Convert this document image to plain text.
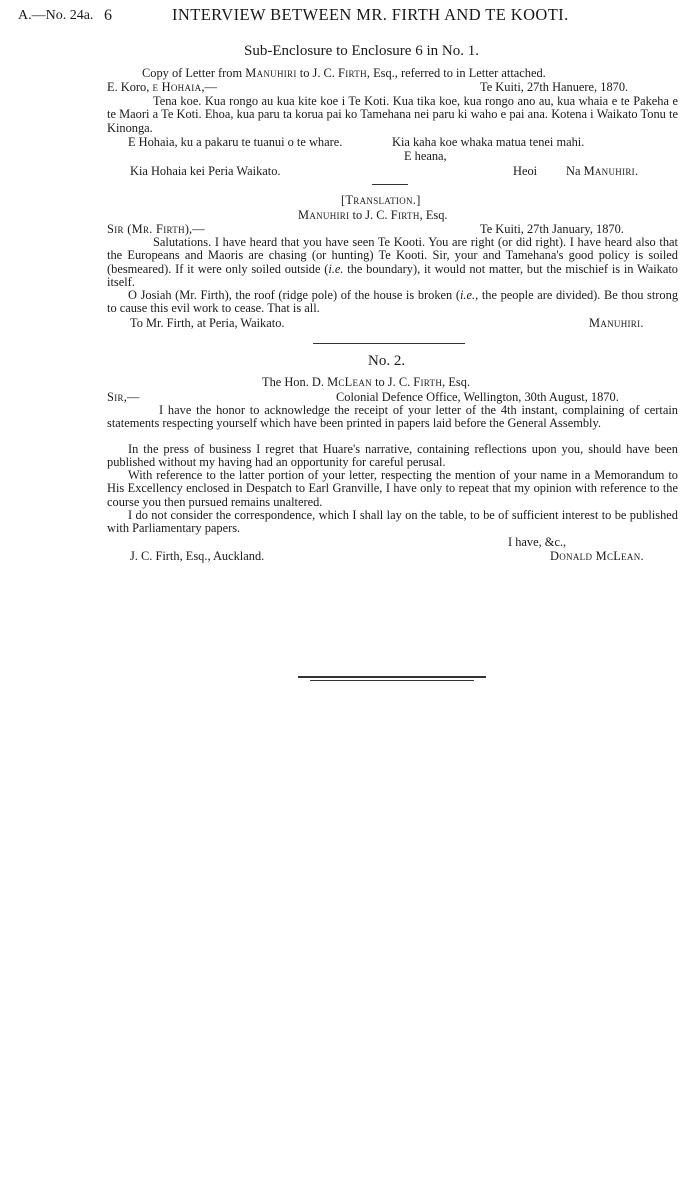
A.—No. 24a. 6	INTERVIEW BETWEEN MR. FIRTH AND TE KOOTI.
Sub-Enclosure to Enclosure 6 in No. 1.
Copy of Letter from Manuhiri to J. C. Firth, Esq., referred to in Letter attached.
E. Koro, e Hohaia,—	Te Kuiti, 27th Hanuere, 1870.
Tena koe. Kua rongo au kua kite koe i Te Koti. Kua tika koe, kua rongo ano au, kua whaia e te Pakeha e te Maori a Te Koti. Ehoa, kua paru ta korua pai ko Tamehana nei paru ki waho e pai ana. Kotena i Waikato Tonu te Kinonga.
E Hohaia, ku a pakaru te tuanui o te whare.	Kia kaha koe whaka matua tenei mahi.
E heana,
Kia Hohaia kei Peria Waikato.	Heoi Na Manuhiri.
[Translation.]
Manuhiri to J. C. Firth, Esq.
Sir (Mr. Firth),—	Te Kuiti, 27th January, 1870.
Salutations. I have heard that you have seen Te Kooti. You are right (or did right). I have heard also that the Europeans and Maoris are chasing (or hunting) Te Kooti. Sir, your and Tamehana's good policy is soiled (besmeared). If it were only soiled outside (i.e. the boundary), it would not matter, but the mischief is in Waikato itself.
O Josiah (Mr. Firth), the roof (ridge pole) of the house is broken (i.e., the people are divided). Be thou strong to cause this evil work to cease. That is all.
To Mr. Firth, at Peria, Waikato.	Manuhiri.
No. 2.
The Hon. D. McLean to J. C. Firth, Esq.
Sir,—	Colonial Defence Office, Wellington, 30th August, 1870.
I have the honor to acknowledge the receipt of your letter of the 4th instant, complaining of certain statements respecting yourself which have been printed in papers laid before the General Assembly.
In the press of business I regret that Huare's narrative, containing reflections upon you, should have been published without my having had an opportunity for careful perusal.
With reference to the latter portion of your letter, respecting the mention of your name in a Memorandum to His Excellency enclosed in Despatch to Earl Granville, I have only to repeat that my opinion with reference to the course you then pursued remains unaltered.
I do not consider the correspondence, which I shall lay on the table, to be of sufficient interest to be published with Parliamentary papers.
I have, &c.,
Donald McLean.
J. C. Firth, Esq., Auckland.
